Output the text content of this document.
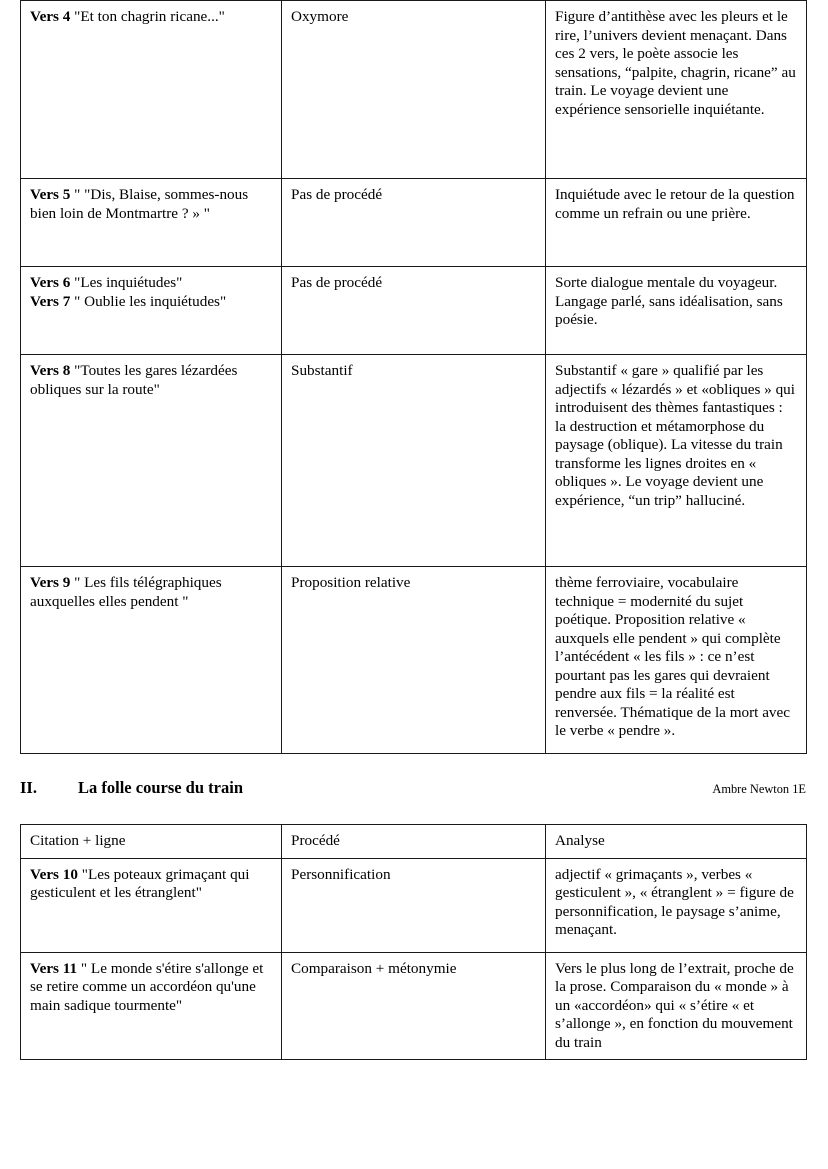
Vers 4 "Et ton chagrin ricane..."	Oxymore	Figure d’antithèse avec les pleurs et le rire, l’univers devient menaçant. Dans ces 2 vers, le poète associe les sensations, “palpite, chagrin, ricane” au train. Le voyage devient une expérience sensorielle inquiétante.
Vers 5 " "Dis, Blaise, sommes-nous bien loin de Montmartre ? » "	Pas de procédé	Inquiétude avec le retour de la question comme un refrain ou une prière.
Vers 6 "Les inquiétudes"
Vers 7 " Oublie les inquiétudes"	Pas de procédé	Sorte dialogue mentale du voyageur. Langage parlé, sans idéalisation, sans poésie.
Vers 8 "Toutes les gares lézardées obliques sur la route"	Substantif	Substantif « gare » qualifié par les adjectifs « lézardés » et «obliques » qui introduisent des thèmes fantastiques : la destruction et métamorphose du paysage (oblique). La vitesse du train transforme les lignes droites en « obliques ». Le voyage devient une expérience, “un trip” halluciné.
Vers 9 " Les fils télégraphiques auxquelles elles pendent "	Proposition relative	thème ferroviaire, vocabulaire technique = modernité du sujet poétique. Proposition relative « auxquels elle pendent » qui complète l’antécédent « les fils » : ce n’est pourtant pas les gares qui devraient pendre aux fils = la réalité est renversée. Thématique de la mort avec le verbe « pendre ».
II.	La folle course du train	Ambre Newton 1E
Citation + ligne	Procédé	Analyse
Vers 10 "Les poteaux grimaçant qui gesticulent et les étranglent"	Personnification	adjectif « grimaçants », verbes « gesticulent », « étranglent » = figure de personnification, le paysage s’anime, menaçant.
Vers 11 " Le monde s'étire s'allonge et se retire comme un accordéon qu'une main sadique tourmente"	Comparaison + métonymie	Vers le plus long de l’extrait, proche de la prose. Comparaison du « monde » à un «accordéon» qui « s’étire « et s’allonge », en fonction du mouvement du train
